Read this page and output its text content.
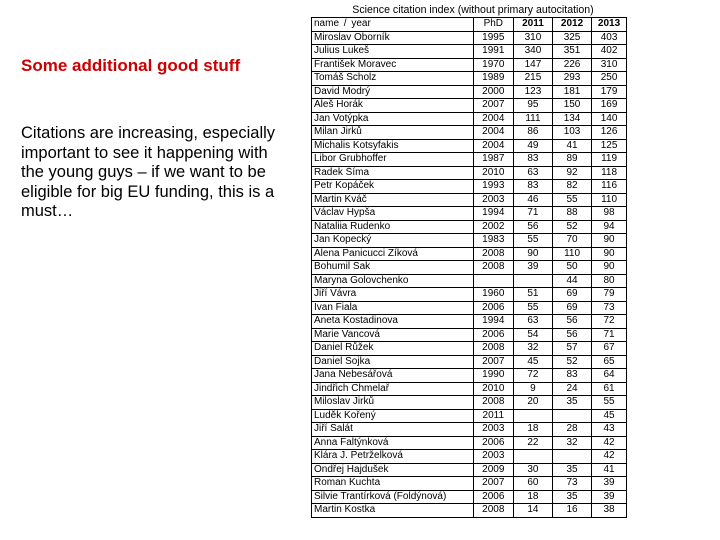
Some additional good stuff

Citations are increasing, especially important to see it happening with the young guys – if we want to be eligible for big EU funding, this is a must…

Science citation index (without primary autocitation)
name / year	PhD	2011	2012	2013
Miroslav Oborník	1995	310	325	403
Julius Lukeš	1991	340	351	402
František Moravec	1970	147	226	310
Tomáš Scholz	1989	215	293	250
David Modrý	2000	123	181	179
Aleš Horák	2007	95	150	169
Jan Votýpka	2004	111	134	140
Milan Jirků	2004	86	103	126
Michalis Kotsyfakis	2004	49	41	125
Libor Grubhoffer	1987	83	89	119
Radek Šíma	2010	63	92	118
Petr Kopáček	1993	83	82	116
Martin Kváč	2003	46	55	110
Václav Hypša	1994	71	88	98
Nataliia Rudenko	2002	56	52	94
Jan Kopecký	1983	55	70	90
Alena Panicucci Zíková	2008	90	110	90
Bohumil Sak	2008	39	50	90
Maryna Golovchenko			44	80
Jiří Vávra	1960	51	69	79
Ivan Fiala	2006	55	69	73
Aneta Kostadinova	1994	63	56	72
Marie Vancová	2006	54	56	71
Daniel Růžek	2008	32	57	67
Daniel Sojka	2007	45	52	65
Jana Nebesářová	1990	72	83	64
Jindřich Chmelař	2010	9	24	61
Miloslav Jirků	2008	20	35	55
Luděk Kořený	2011			45
Jiří Salát	2003	18	28	43
Anna Faltýnková	2006	22	32	42
Klára J. Petrželková	2003			42
Ondřej Hajdušek	2009	30	35	41
Roman Kuchta	2007	60	73	39
Silvie Trantírková (Foldýnová)	2006	18	35	39
Martin Kostka	2008	14	16	38
